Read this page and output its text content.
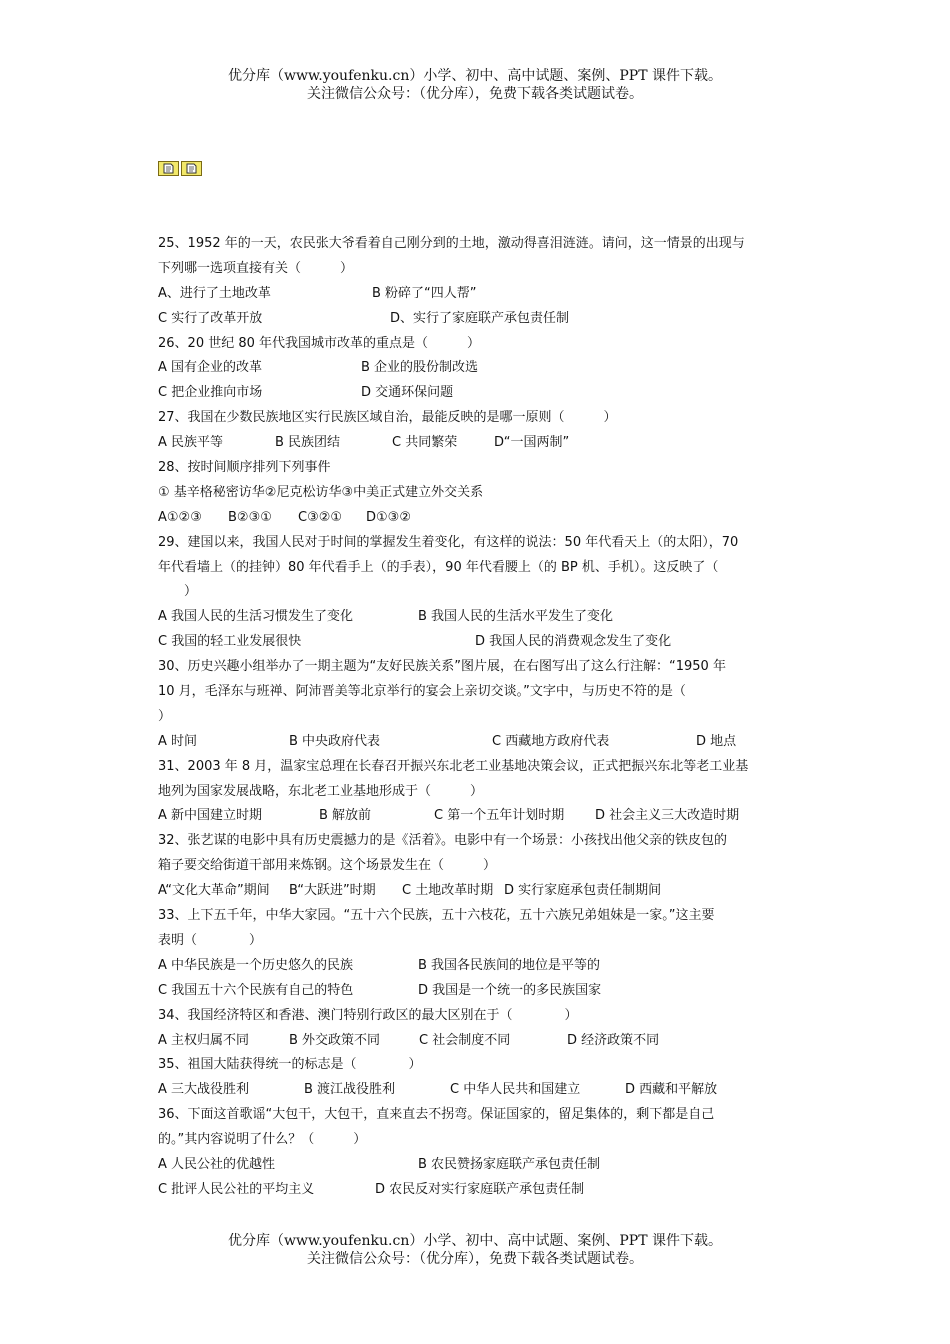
优分库（www.youfenku.cn）小学、初中、高中试题、案例、PPT 课件下载。
关注微信公众号：（优分库），免费下载各类试题试卷。
25、1952 年的一天，农民张大爷看着自己刚分到的土地，激动得喜泪涟涟。请问，这一情景的出现与
下列哪一选项直接有关（　　　）
A、进行了土地改革	B 粉碎了“四人帮”
C 实行了改革开放	D、实行了家庭联产承包责任制
26、20 世纪 80 年代我国城市改革的重点是（　　　）
A 国有企业的改革	B 企业的股份制改选
C 把企业推向市场	D 交通环保问题
27、我国在少数民族地区实行民族区域自治，最能反映的是哪一原则（　　　）
A 民族平等	B 民族团结	C 共同繁荣	D“一国两制”
28、按时间顺序排列下列事件
① 基辛格秘密访华②尼克松访华③中美正式建立外交关系
A①②③ B②③① C③②① D①③②
29、建国以来，我国人民对于时间的掌握发生着变化，有这样的说法：50 年代看天上（的太阳），70
年代看墙上（的挂钟）80 年代看手上（的手表），90 年代看腰上（的 BP 机、手机）。这反映了（
　　）
A 我国人民的生活习惯发生了变化	B 我国人民的生活水平发生了变化
C 我国的轻工业发展很快	D 我国人民的消费观念发生了变化
30、历史兴趣小组举办了一期主题为“友好民族关系”图片展，在右图写出了这么行注解：“1950 年
10 月，毛泽东与班禅、阿沛晋美等北京举行的宴会上亲切交谈。”文字中，与历史不符的是（
）
A 时间	B 中央政府代表	C 西藏地方政府代表	D 地点
31、2003 年 8 月，温家宝总理在长春召开振兴东北老工业基地决策会议，正式把振兴东北等老工业基
地列为国家发展战略，东北老工业基地形成于（　　　）
A 新中国建立时期	B 解放前	C 第一个五年计划时期 D 社会主义三大改造时期
32、张艺谋的电影中具有历史震撼力的是《活着》。电影中有一个场景：小孩找出他父亲的铁皮包的
箱子要交给街道干部用来炼钢。这个场景发生在（　　　）
A“文化大革命”期间 B“大跃进”时期 C 土地改革时期 D 实行家庭承包责任制期间
33、上下五千年，中华大家园。“五十六个民族，五十六枝花，五十六族兄弟姐妹是一家。”这主要
表明（　　　　）
A 中华民族是一个历史悠久的民族	B 我国各民族间的地位是平等的
C 我国五十六个民族有自己的特色	D 我国是一个统一的多民族国家
34、我国经济特区和香港、澳门特别行政区的最大区别在于（　　　　）
A 主权归属不同	B 外交政策不同	C 社会制度不同	D 经济政策不同
35、祖国大陆获得统一的标志是（　　　　）
A 三大战役胜利	B 渡江战役胜利	C 中华人民共和国建立	D 西藏和平解放
36、下面这首歌谣“大包干，大包干，直来直去不拐弯。保证国家的，留足集体的，剩下都是自己
的。”其内容说明了什么？（　　　）
A 人民公社的优越性	B 农民赞扬家庭联产承包责任制
C 批评人民公社的平均主义	D 农民反对实行家庭联产承包责任制
优分库（www.youfenku.cn）小学、初中、高中试题、案例、PPT 课件下载。
关注微信公众号：（优分库），免费下载各类试题试卷。
